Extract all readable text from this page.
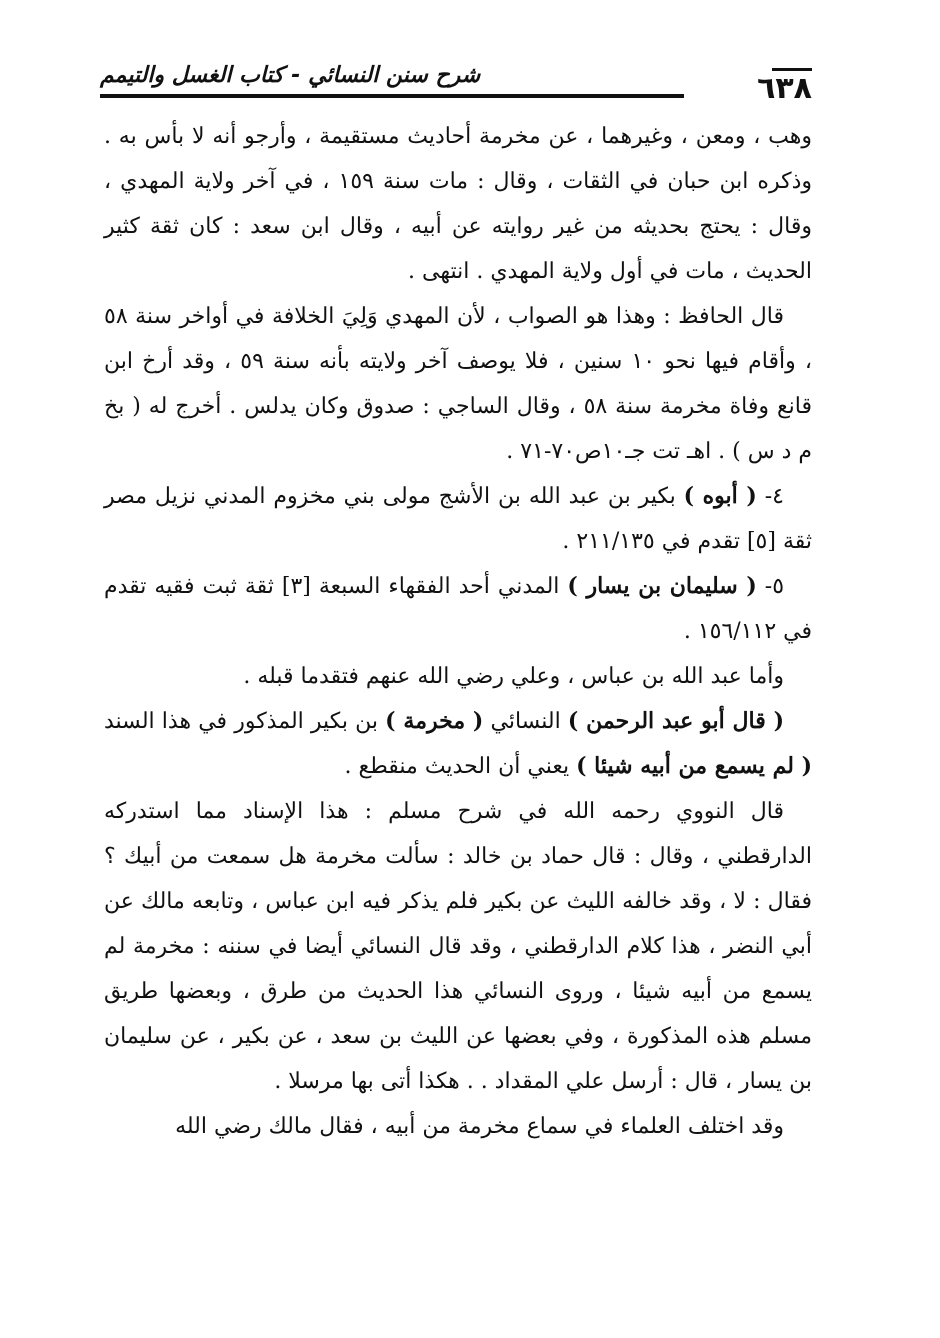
٦٣٨
شرح سنن النسائي - كتاب الغسل والتيمم

وهب ، ومعن ، وغيرهما ، عن مخرمة أحاديث مستقيمة ، وأرجو أنه لا بأس به . وذكره ابن حبان في الثقات ، وقال : مات سنة ١٥٩ ، في آخر ولاية المهدي ، وقال : يحتج بحديثه من غير روايته عن أبيه ، وقال ابن سعد : كان ثقة كثير الحديث ، مات في أول ولاية المهدي . انتهى .

قال الحافظ : وهذا هو الصواب ، لأن المهدي وَلِيَ الخلافة في أواخر سنة ٥٨ ، وأقام فيها نحو ١٠ سنين ، فلا يوصف آخر ولايته بأنه سنة ٥٩ ، وقد أرخ ابن قانع وفاة مخرمة سنة ٥٨ ، وقال الساجي : صدوق وكان يدلس . أخرج له ( بخ م د س ) . اهـ تت جـ١٠ص٧٠-٧١ .

٤- ( أبوه ) بكير بن عبد الله بن الأشج مولى بني مخزوم المدني نزيل مصر ثقة [٥] تقدم في ٢١١/١٣٥ .

٥- ( سليمان بن يسار ) المدني أحد الفقهاء السبعة [٣] ثقة ثبت فقيه تقدم في ١٥٦/١١٢ .

وأما عبد الله بن عباس ، وعلي رضي الله عنهم فتقدما قبله .

( قال أبو عبد الرحمن ) النسائي ( مخرمة ) بن بكير المذكور في هذا السند ( لم يسمع من أبيه شيئا ) يعني أن الحديث منقطع .

قال النووي رحمه الله في شرح مسلم : هذا الإسناد مما استدركه الدارقطني ، وقال : قال حماد بن خالد : سألت مخرمة هل سمعت من أبيك ؟ فقال : لا ، وقد خالفه الليث عن بكير فلم يذكر فيه ابن عباس ، وتابعه مالك عن أبي النضر ، هذا كلام الدارقطني ، وقد قال النسائي أيضا في سننه : مخرمة لم يسمع من أبيه شيئا ، وروى النسائي هذا الحديث من طرق ، وبعضها طريق مسلم هذه المذكورة ، وفي بعضها عن الليث بن سعد ، عن بكير ، عن سليمان بن يسار ، قال : أرسل علي المقداد . . هكذا أتى بها مرسلا .

وقد اختلف العلماء في سماع مخرمة من أبيه ، فقال مالك رضي الله
